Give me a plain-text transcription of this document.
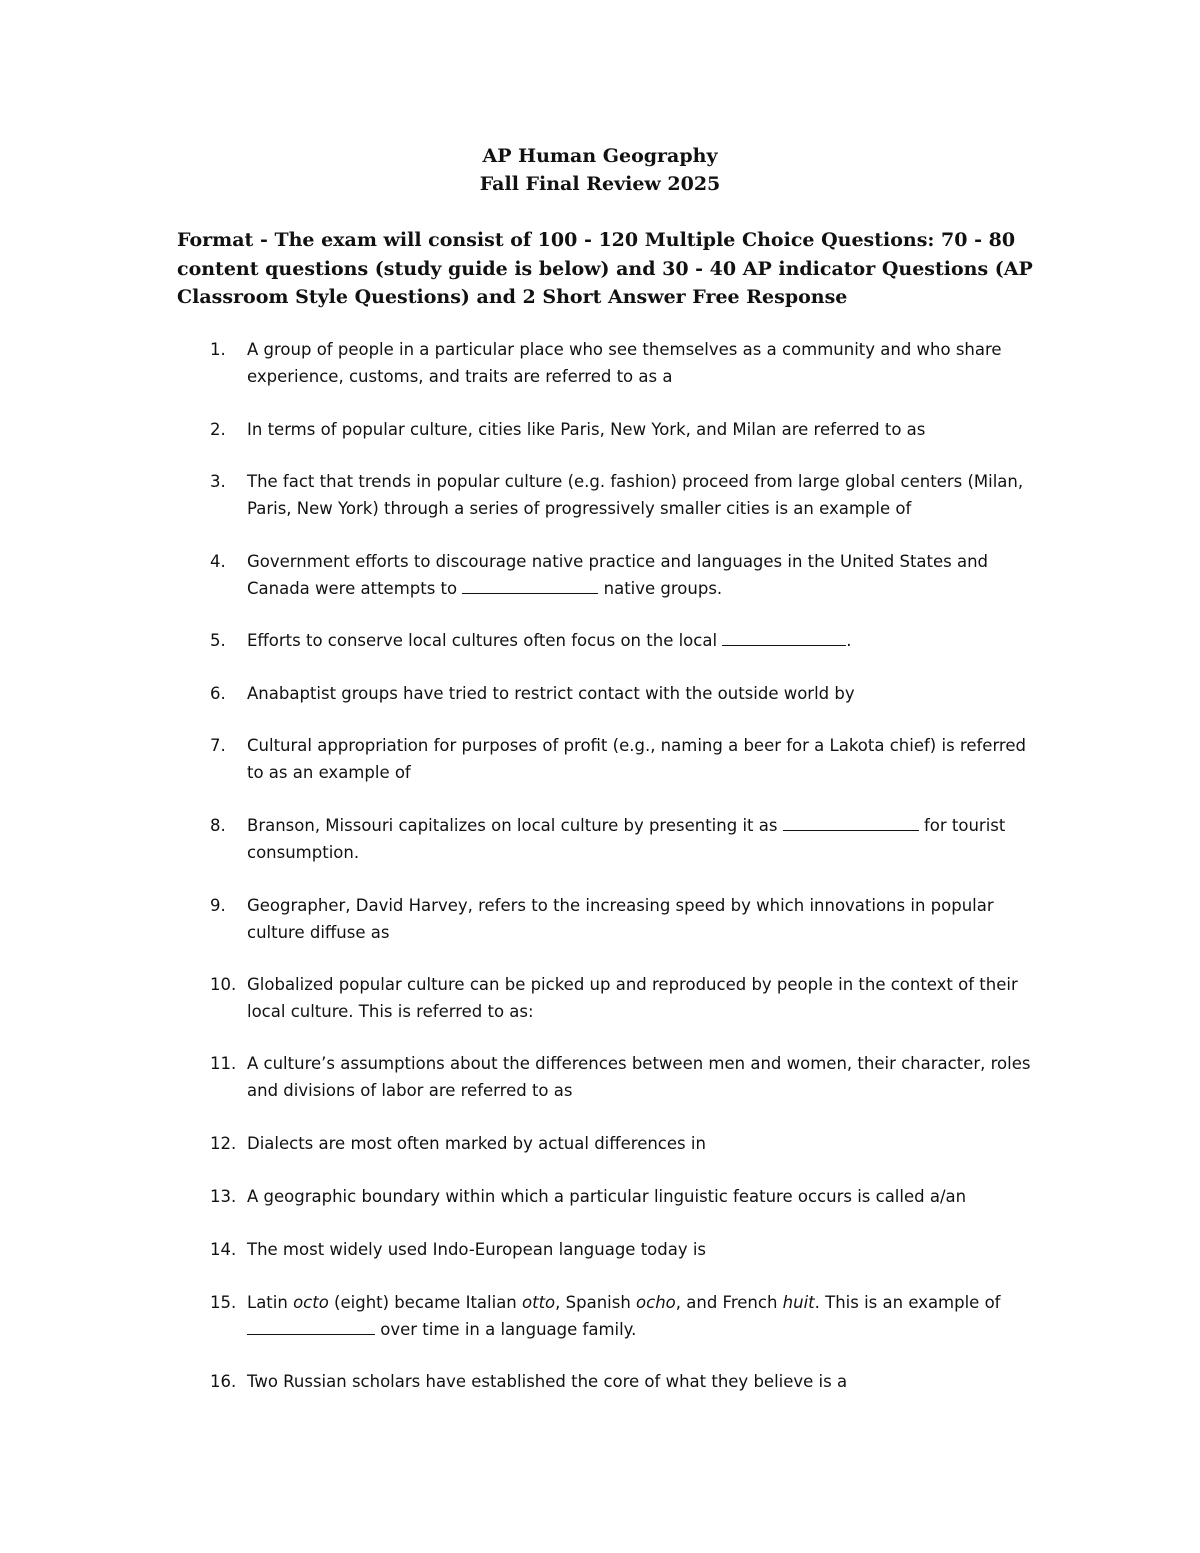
AP Human Geography
Fall Final Review 2025
Format - The exam will consist of 100 - 120 Multiple Choice Questions: 70 - 80 content questions (study guide is below) and 30 - 40 AP indicator Questions (AP Classroom Style Questions) and 2 Short Answer Free Response
1.	A group of people in a particular place who see themselves as a community and who share experience, customs, and traits are referred to as a
2.	In terms of popular culture, cities like Paris, New York, and Milan are referred to as
3.	The fact that trends in popular culture (e.g. fashion) proceed from large global centers (Milan, Paris, New York) through a series of progressively smaller cities is an example of
4.	Government efforts to discourage native practice and languages in the United States and Canada were attempts to	native groups.
5.	Efforts to conserve local cultures often focus on the local	.
6.	Anabaptist groups have tried to restrict contact with the outside world by
7.	Cultural appropriation for purposes of profit (e.g., naming a beer for a Lakota chief) is referred to as an example of
8.	Branson, Missouri capitalizes on local culture by presenting it as	for tourist consumption.
9.	Geographer, David Harvey, refers to the increasing speed by which innovations in popular culture diffuse as
10. Globalized popular culture can be picked up and reproduced by people in the context of their local culture. This is referred to as:
11. A culture’s assumptions about the differences between men and women, their character, roles and divisions of labor are referred to as
12. Dialects are most often marked by actual differences in
13. A geographic boundary within which a particular linguistic feature occurs is called a/an
14. The most widely used Indo-European language today is
15. Latin octo (eight) became Italian otto, Spanish ocho, and French huit. This is an example of  over time in a language family.
16. Two Russian scholars have established the core of what they believe is a
